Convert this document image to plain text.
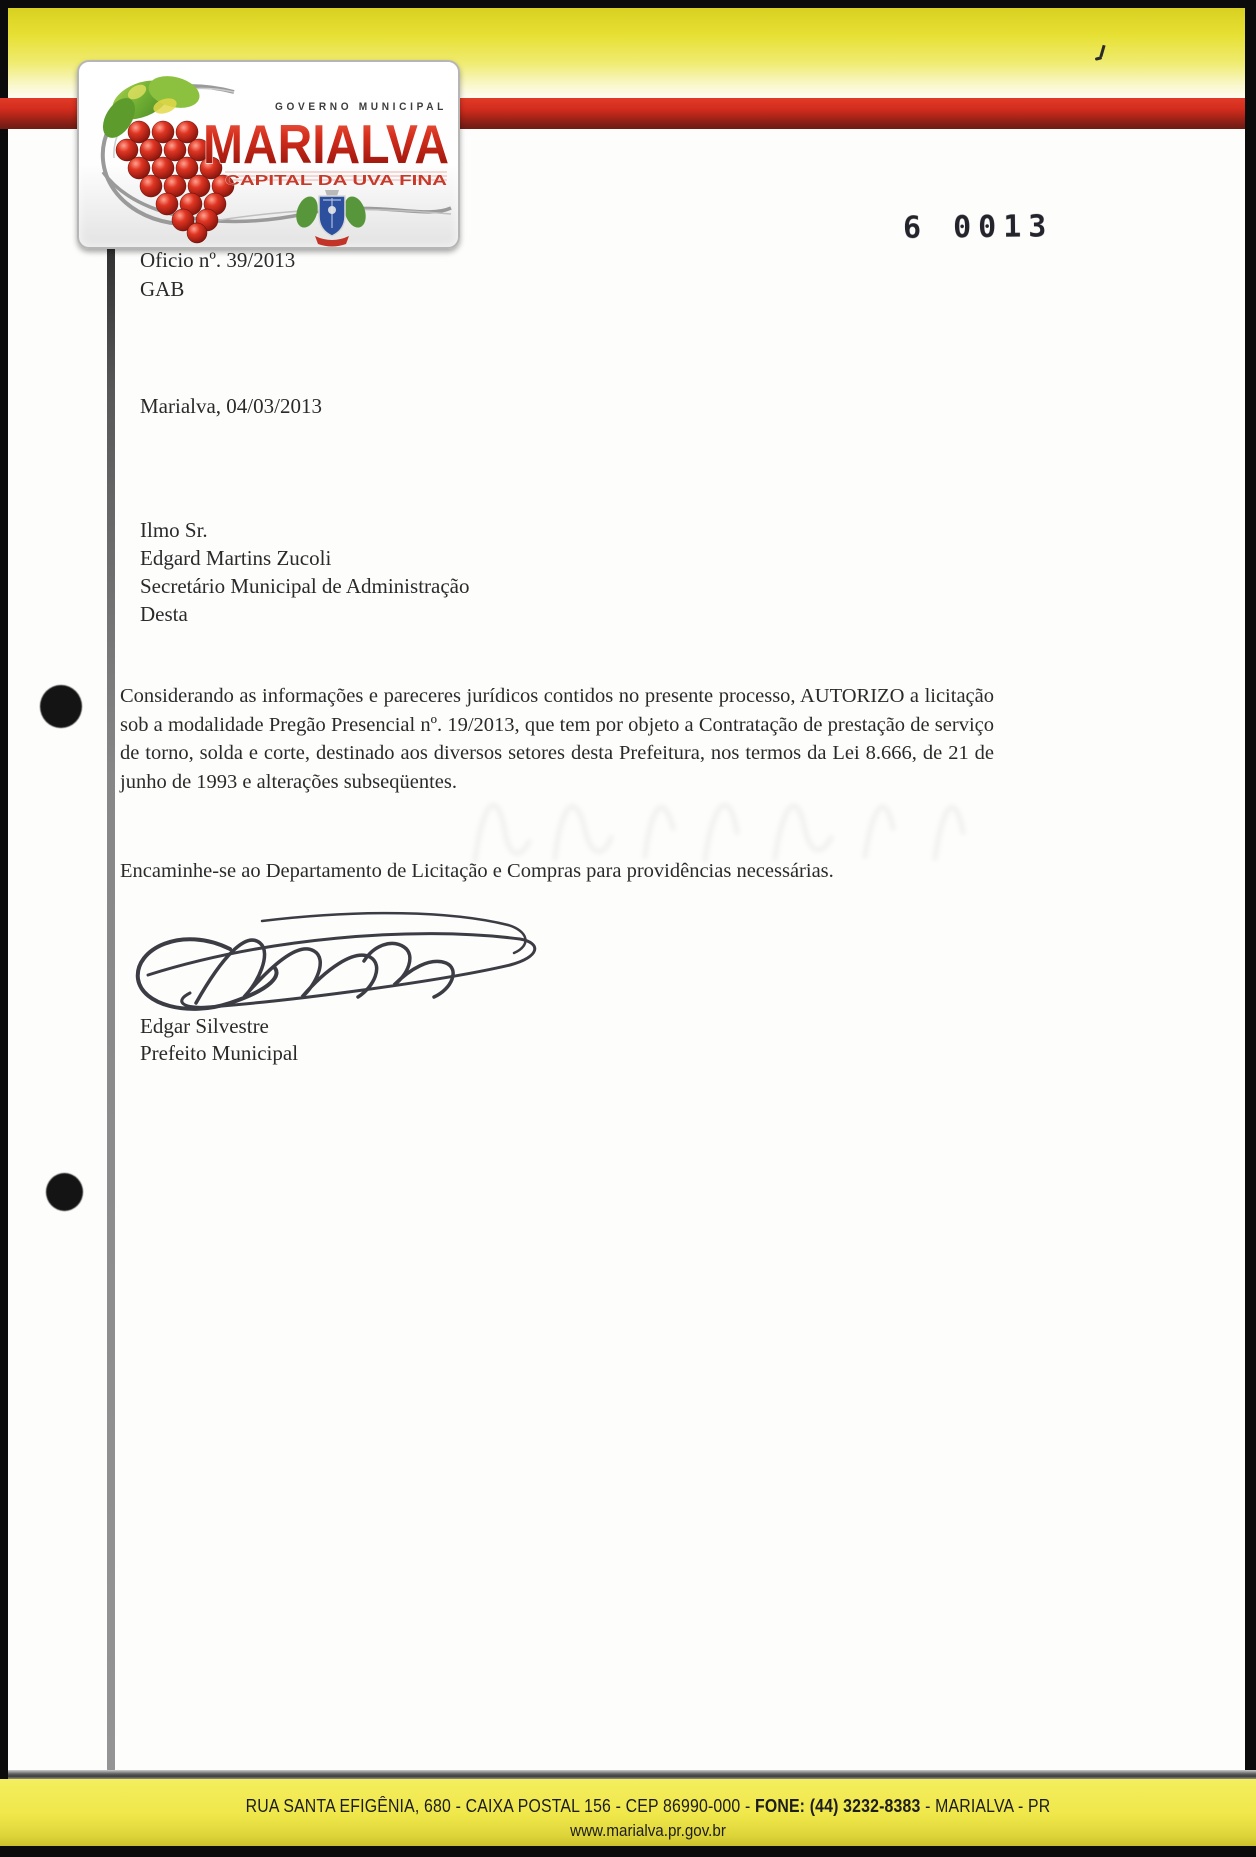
GOVERNO MUNICIPAL
MARIALVA
CAPITAL DA UVA FINA
Oficio nº. 39/2013
GAB
6 0013
Marialva, 04/03/2013
Ilmo Sr.
Edgard Martins Zucoli
Secretário Municipal de Administração
Desta
Considerando as informações e pareceres jurídicos contidos no presente processo, AUTORIZO a licitação sob a modalidade Pregão Presencial nº. 19/2013, que tem por objeto a Contratação de prestação de serviço de torno, solda e corte, destinado aos diversos setores desta Prefeitura, nos termos da Lei 8.666, de 21 de junho de 1993 e alterações subseqüentes.
Encaminhe-se ao Departamento de Licitação e Compras para providências necessárias.
Edgar Silvestre
Prefeito Municipal
RUA SANTA EFIGÊNIA, 680 - CAIXA POSTAL 156 - CEP 86990-000 - FONE: (44) 3232-8383 - MARIALVA - PR
www.marialva.pr.gov.br
